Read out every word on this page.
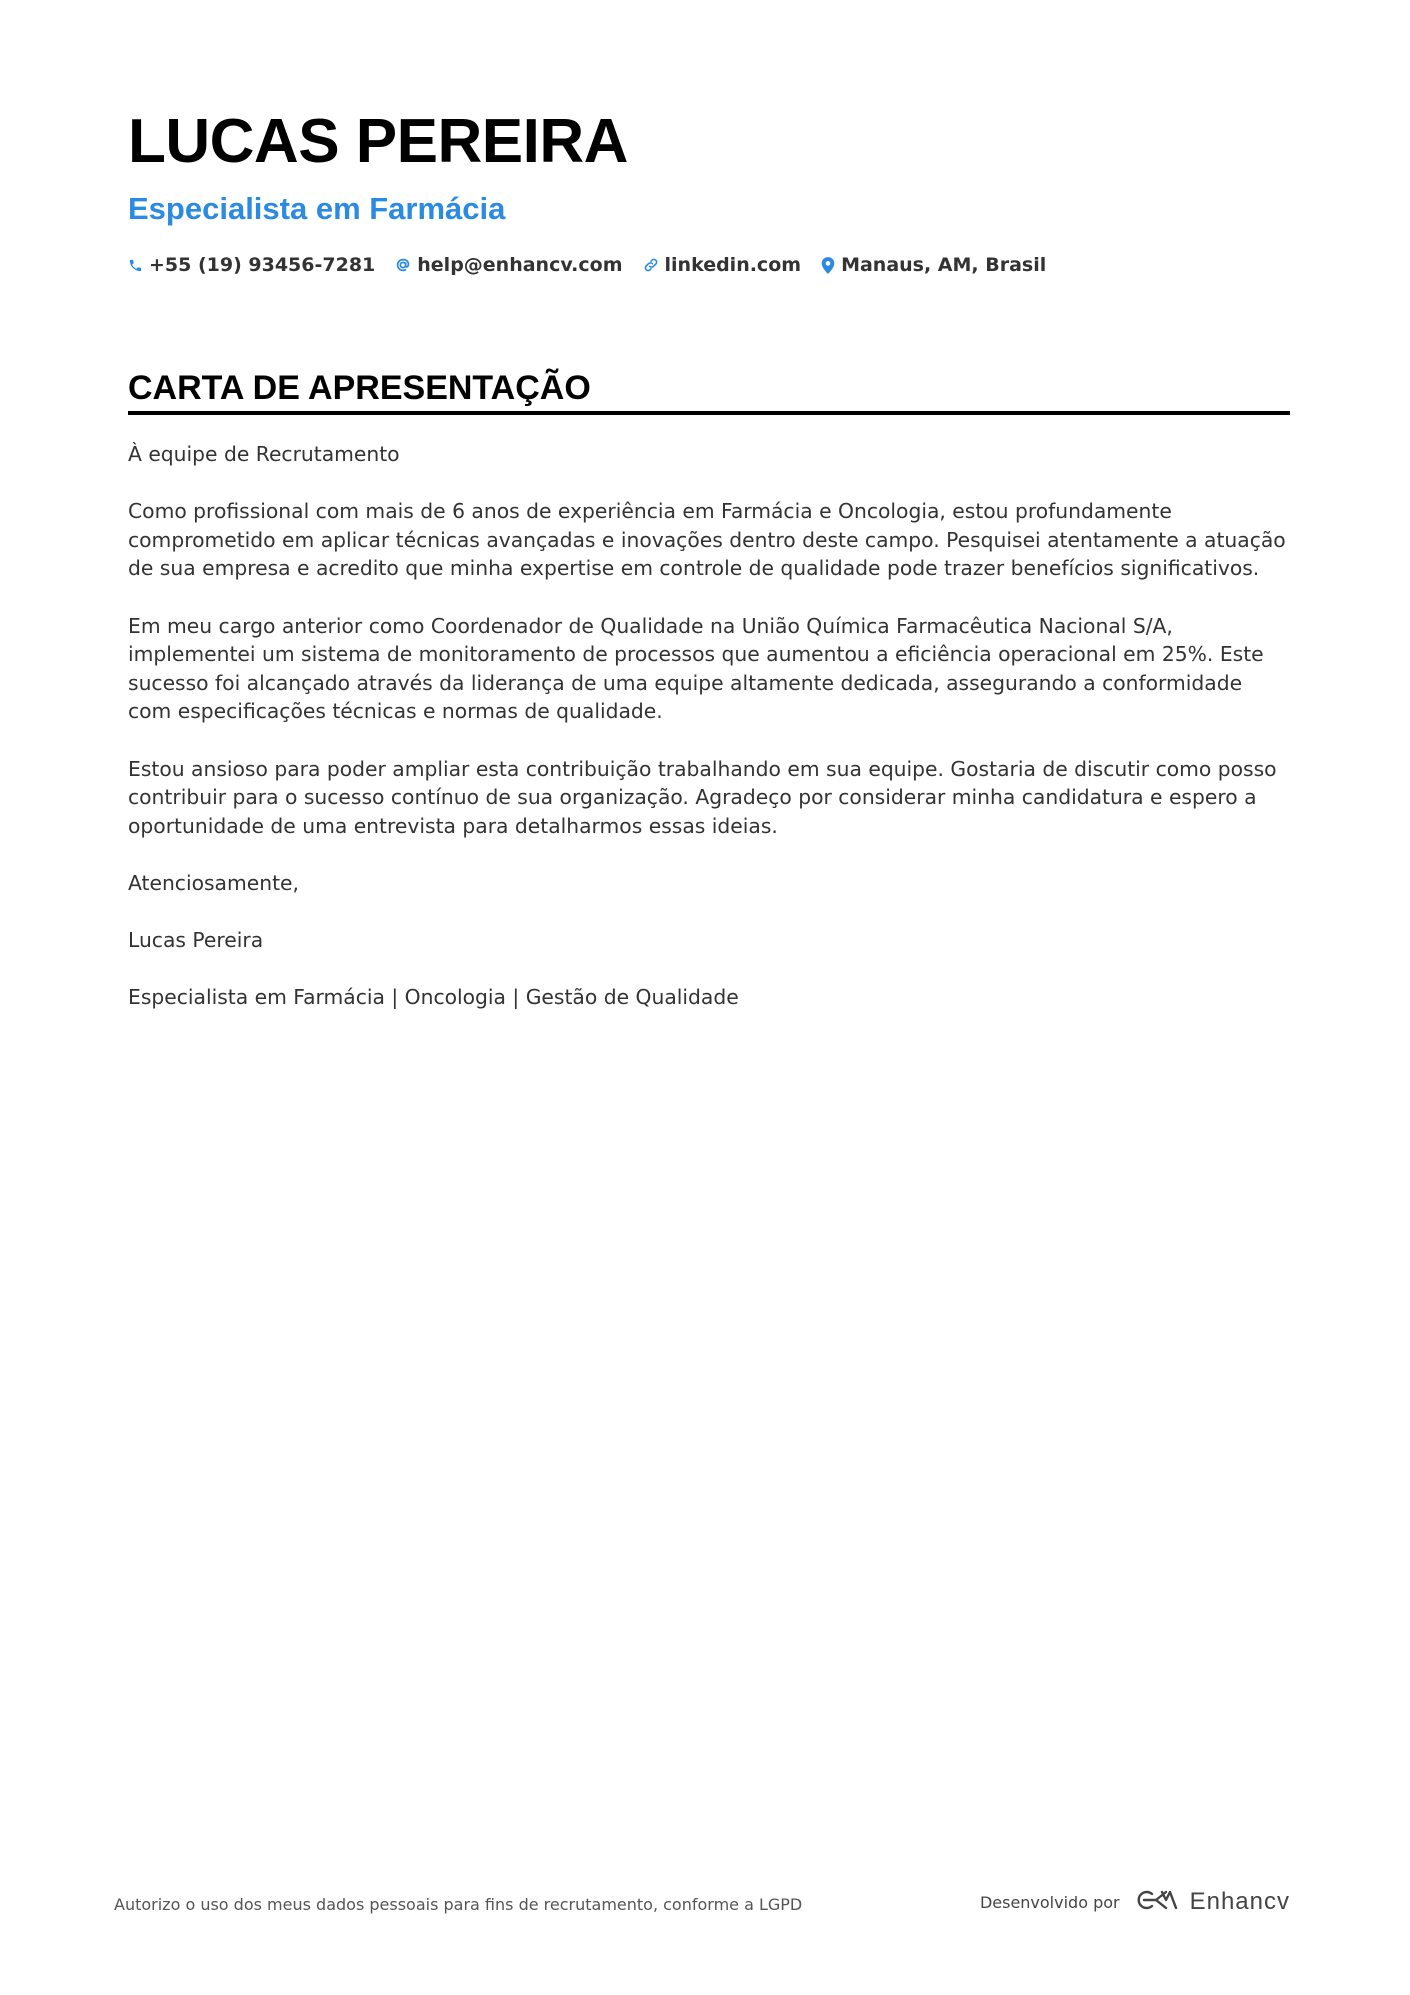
LUCAS PEREIRA
Especialista em Farmácia
+55 (19) 93456-7281 help@enhancv.com linkedin.com Manaus, AM, Brasil
CARTA DE APRESENTAÇÃO

À equipe de Recrutamento

Como profissional com mais de 6 anos de experiência em Farmácia e Oncologia, estou profundamente comprometido em aplicar técnicas avançadas e inovações dentro deste campo. Pesquisei atentamente a atuação de sua empresa e acredito que minha expertise em controle de qualidade pode trazer benefícios significativos.

Em meu cargo anterior como Coordenador de Qualidade na União Química Farmacêutica Nacional S/A, implementei um sistema de monitoramento de processos que aumentou a eficiência operacional em 25%. Este sucesso foi alcançado através da liderança de uma equipe altamente dedicada, assegurando a conformidade com especificações técnicas e normas de qualidade.

Estou ansioso para poder ampliar esta contribuição trabalhando em sua equipe. Gostaria de discutir como posso contribuir para o sucesso contínuo de sua organização. Agradeço por considerar minha candidatura e espero a oportunidade de uma entrevista para detalharmos essas ideias.

Atenciosamente,

Lucas Pereira

Especialista em Farmácia | Oncologia | Gestão de Qualidade

Autorizo o uso dos meus dados pessoais para fins de recrutamento, conforme a LGPD	Desenvolvido por	Enhancv
